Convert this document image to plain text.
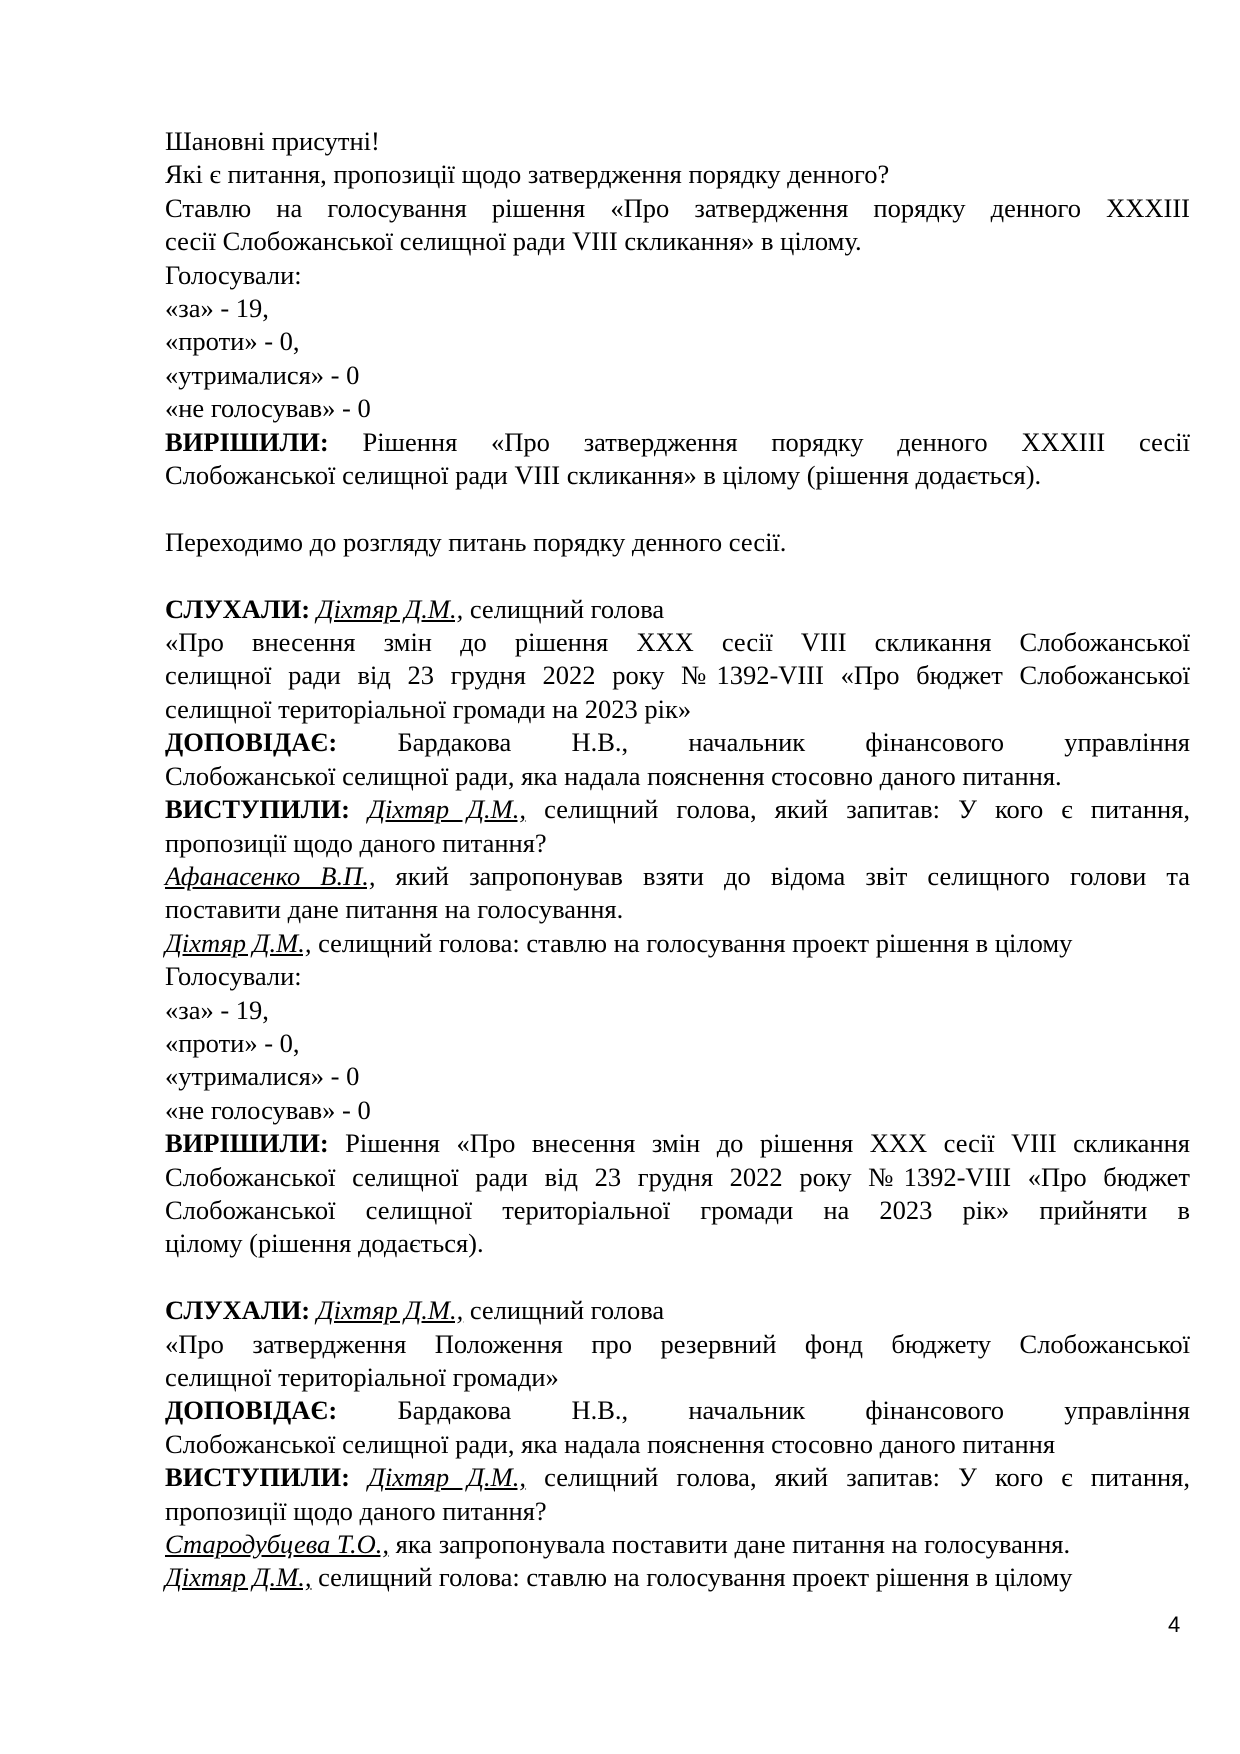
Шановні присутні!
Які є питання, пропозиції щодо затвердження порядку денного?
Ставлю на голосування рішення «Про затвердження порядку денного XXXIII
сесії Слобожанської селищної ради VIII скликання» в цілому.
Голосували:
«за» - 19,
«проти» - 0,
«утрималися» - 0
«не голосував» - 0
ВИРІШИЛИ: Рішення «Про затвердження порядку денного XXXIII сесії
Слобожанської селищної ради VIII скликання» в цілому (рішення додається).
Переходимо до розгляду питань порядку денного сесії.
СЛУХАЛИ: Діхтяр Д.М., селищний голова
«Про внесення змін до рішення XXX сесії VIII скликання Слобожанської
селищної ради від 23 грудня 2022 року №1392-VIII «Про бюджет Слобожанської
селищної територіальної громади на 2023 рік»
ДОПОВІДАЄ: Бардакова Н.В., начальник фінансового управління
Слобожанської селищної ради, яка надала пояснення стосовно даного питання.
ВИСТУПИЛИ: Діхтяр Д.М., селищний голова, який запитав: У кого є питання,
пропозиції щодо даного питання?
Афанасенко В.П., який запропонував взяти до відома звіт селищного голови та
поставити дане питання на голосування.
Діхтяр Д.М., селищний голова: ставлю на голосування проект рішення в цілому
Голосували:
«за» - 19,
«проти» - 0,
«утрималися» - 0
«не голосував» - 0
ВИРІШИЛИ: Рішення «Про внесення змін до рішення XXX сесії VIII скликання
Слобожанської селищної ради від 23 грудня 2022 року №1392-VIII «Про бюджет
Слобожанської селищної територіальної громади на 2023 рік» прийняти в
цілому (рішення додається).
СЛУХАЛИ: Діхтяр Д.М., селищний голова
«Про затвердження Положення про резервний фонд бюджету Слобожанської
селищної територіальної громади»
ДОПОВІДАЄ: Бардакова Н.В., начальник фінансового управління
Слобожанської селищної ради, яка надала пояснення стосовно даного питання
ВИСТУПИЛИ: Діхтяр Д.М., селищний голова, який запитав: У кого є питання,
пропозиції щодо даного питання?
Стародубцева Т.О., яка запропонувала поставити дане питання на голосування.
Діхтяр Д.М., селищний голова: ставлю на голосування проект рішення в цілому
4
